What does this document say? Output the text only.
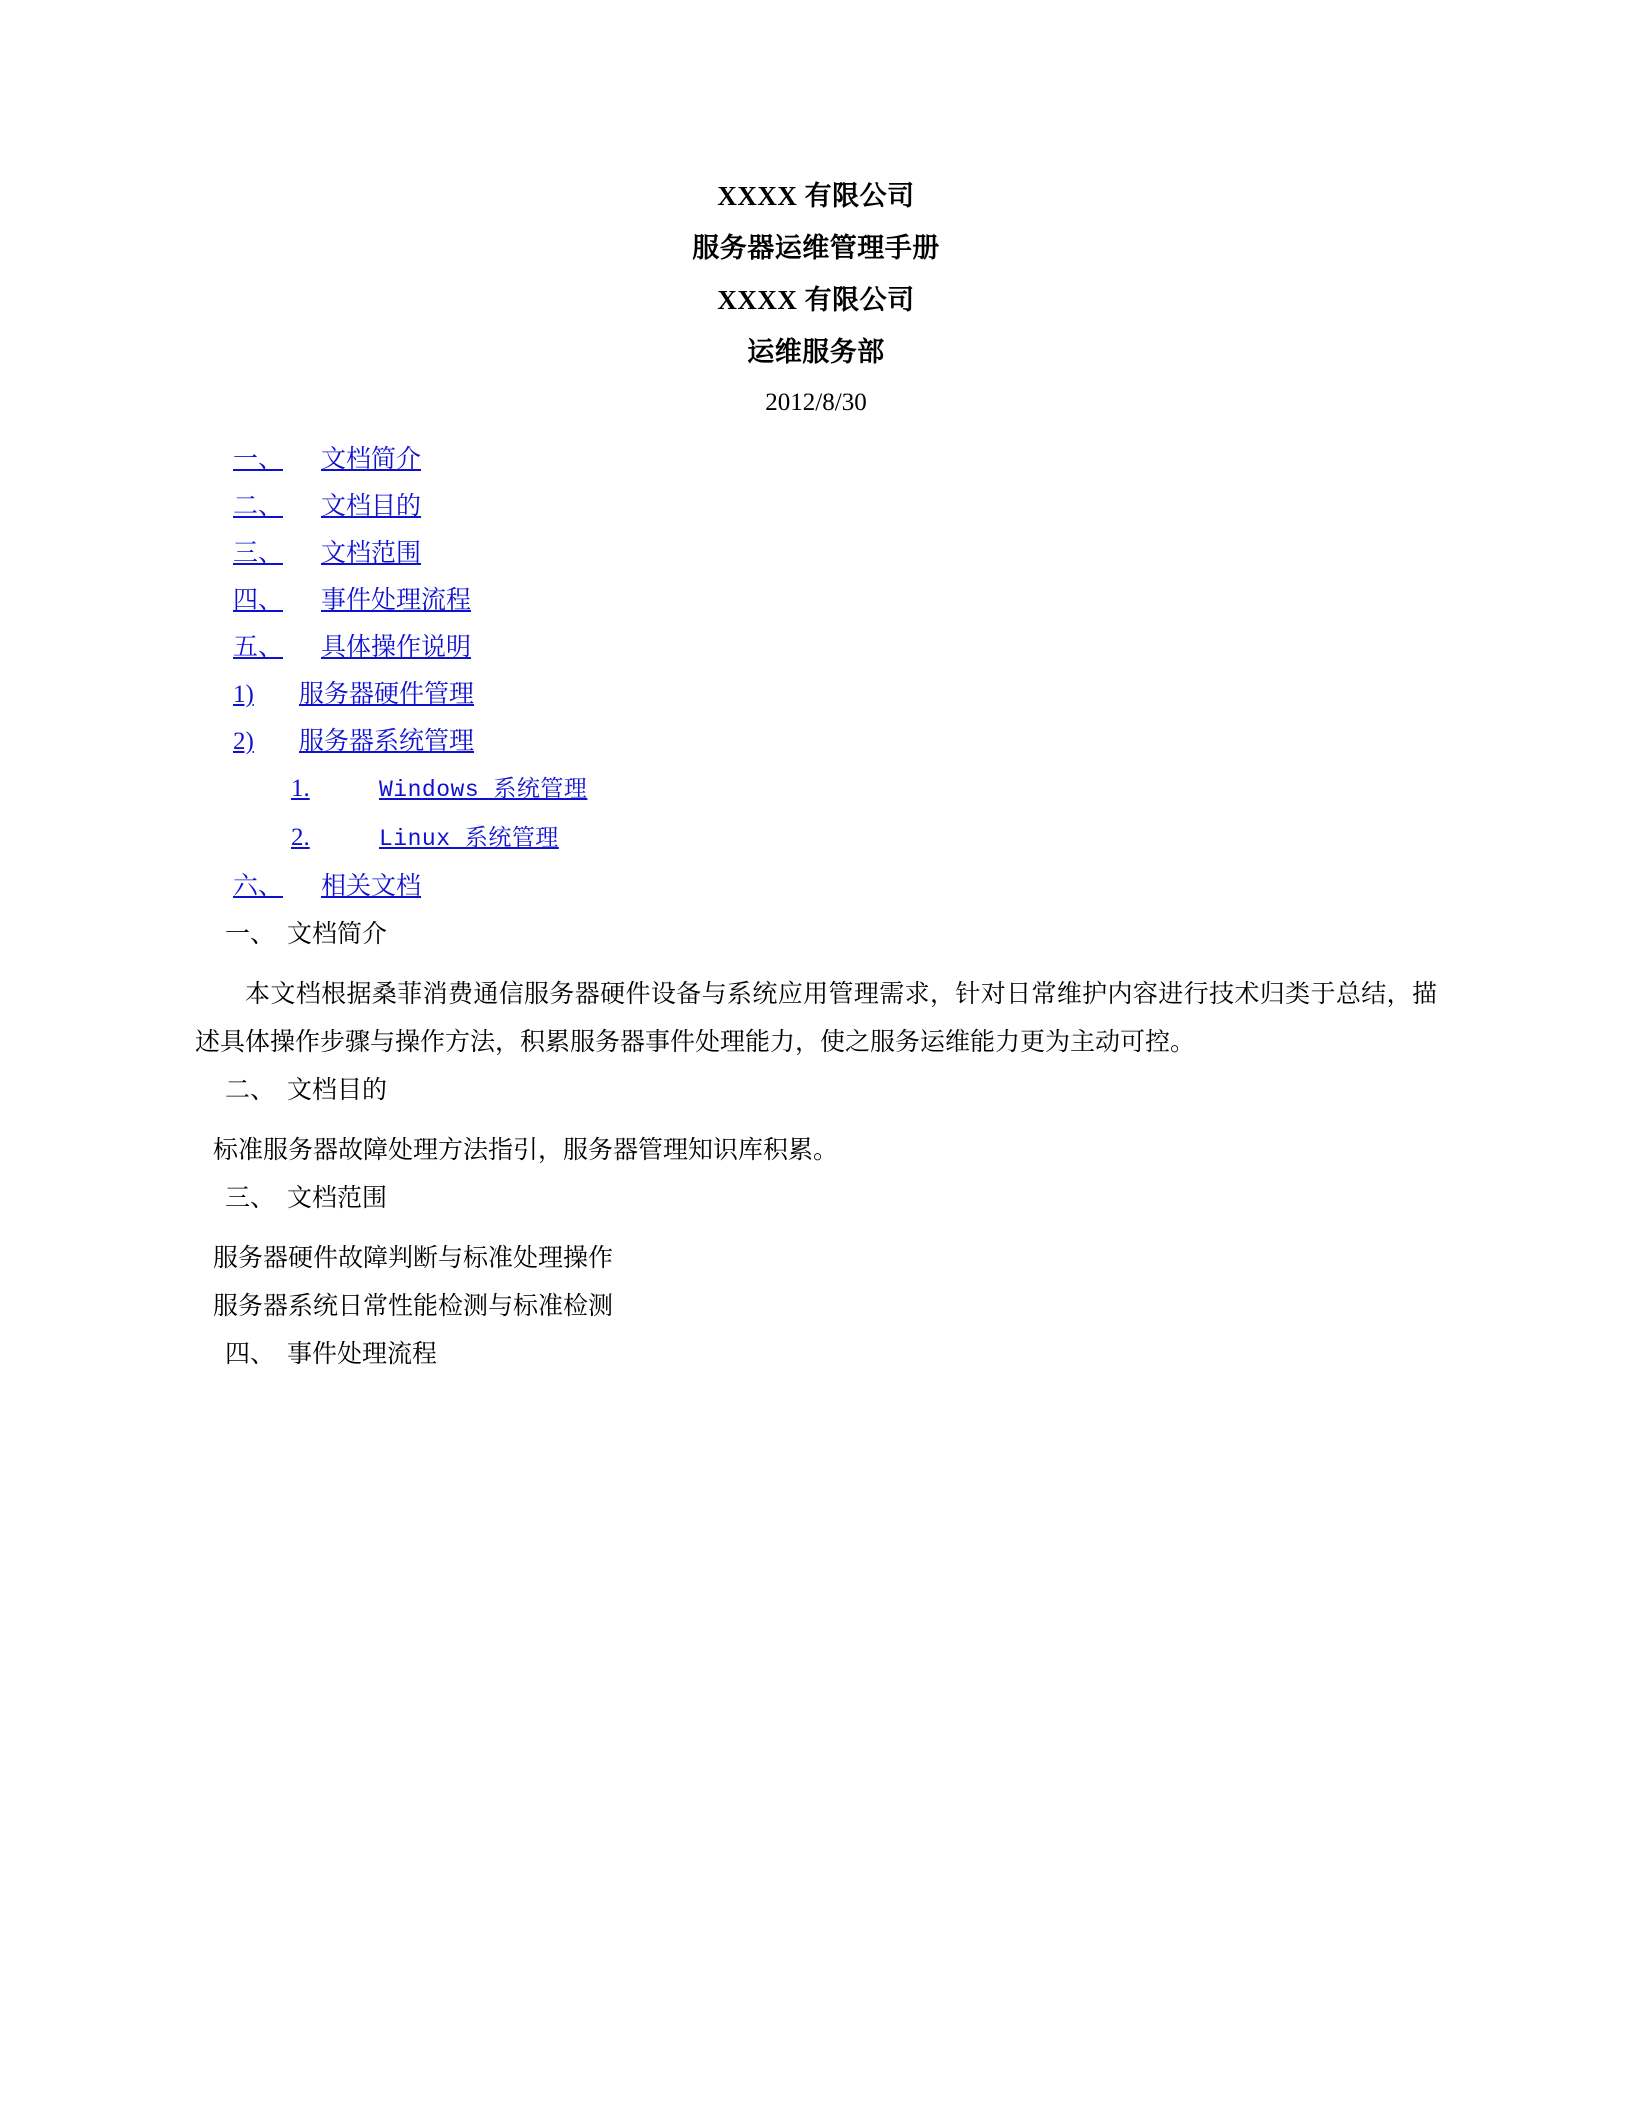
XXXX 有限公司
服务器运维管理手册
XXXX 有限公司
运维服务部
2012/8/30
一、	文档简介
二、	文档目的
三、	文档范围
四、	事件处理流程
五、	具体操作说明
1)	服务器硬件管理
2)	服务器系统管理
1.	Windows 系统管理
2.	Linux 系统管理
六、	相关文档
一、 文档简介

本文档根据桑菲消费通信服务器硬件设备与系统应用管理需求，针对日常维护内容进行技术归类于总结，描述具体操作步骤与操作方法，积累服务器事件处理能力，使之服务运维能力更为主动可控。

二、 文档目的
标准服务器故障处理方法指引，服务器管理知识库积累。
三、 文档范围
服务器硬件故障判断与标准处理操作
服务器系统日常性能检测与标准检测
四、 事件处理流程
